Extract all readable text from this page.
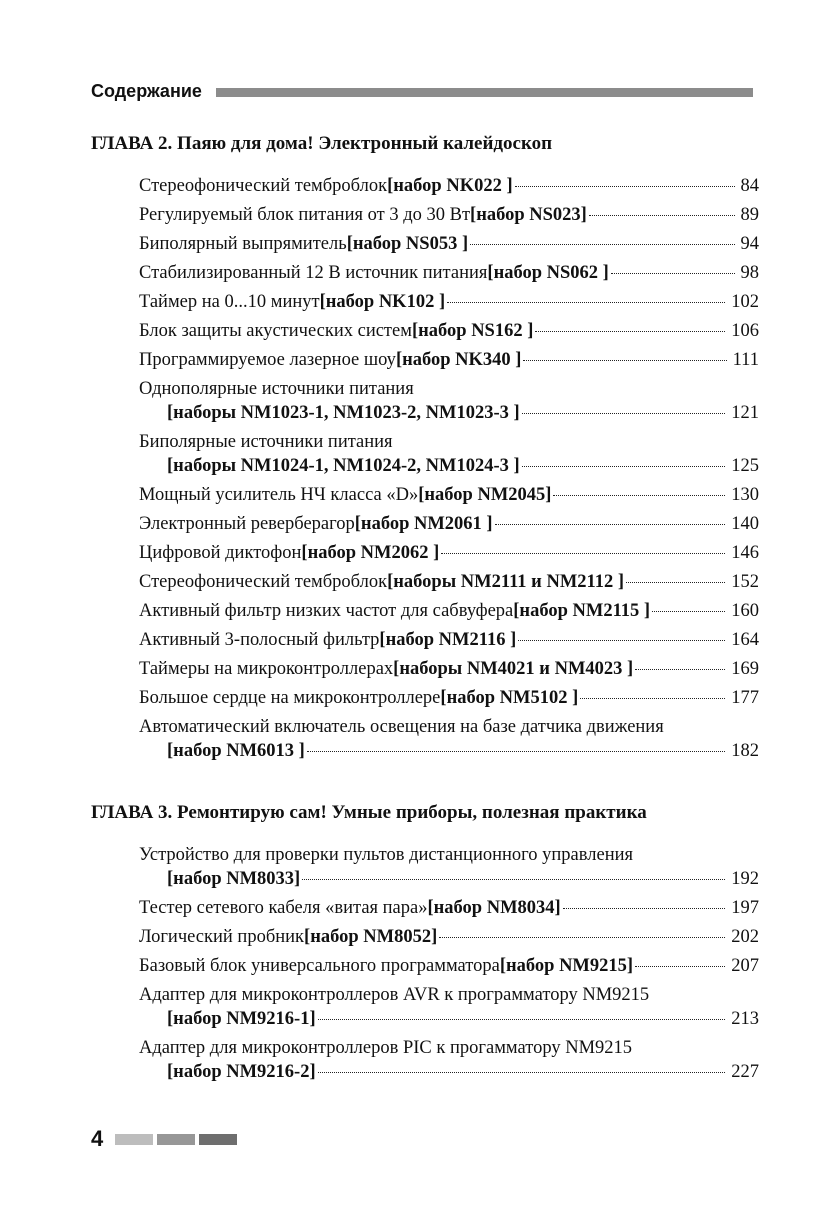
Содержание
ГЛАВА 2. Паяю для дома! Электронный калейдоскоп
Стереофонический темброблок [набор NK022 ]	84
Регулируемый блок питания от 3 до 30 Вт [набор NS023]	89
Биполярный выпрямитель [набор NS053 ]	94
Стабилизированный 12 В источник питания [набор NS062 ]	98
Таймер на 0...10 минут [набор NK102 ]	102
Блок защиты акустических систем [набор NS162 ]	106
Программируемое лазерное шоу [набор NK340 ]	111
Однополярные источники питания
[наборы NM1023-1, NM1023-2, NM1023-3 ]	121
Биполярные источники питания
[наборы NM1024-1, NM1024-2, NM1024-3 ]	125
Мощный усилитель НЧ класса «D» [набор NM2045]	130
Электронный реверберагор [набор NM2061 ]	140
Цифровой диктофон [набор NM2062 ]	146
Стереофонический темброблок [наборы NM2111 и NM2112 ]	152
Активный фильтр низких частот для сабвуфера [набор NM2115 ]	160
Активный 3-полосный фильтр [набор NM2116 ]	164
Таймеры на микроконтроллерах [наборы NM4021 и NM4023 ]	169
Большое сердце на микроконтроллере [набор NM5102 ]	177
Автоматический включатель освещения на базе датчика движения
[набор NM6013 ]	182
ГЛАВА 3. Ремонтирую сам! Умные приборы, полезная практика
Устройство для проверки пультов дистанционного управления
[набор NM8033]	192
Тестер сетевого кабеля «витая пара» [набор NM8034]	197
Логический пробник [набор NM8052]	202
Базовый блок универсального программатора [набор NM9215]	207
Адаптер для микроконтроллеров AVR к программатору NM9215
[набор NM9216-1]	213
Адаптер для микроконтроллеров PIC к прогамматору NM9215
[набор NM9216-2]	227
4
